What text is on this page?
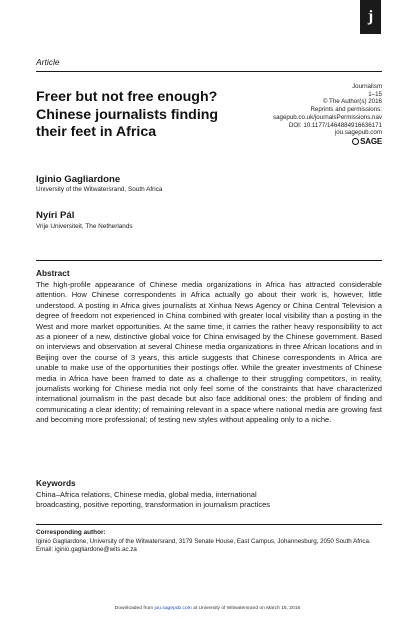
j
Article
Freer but not free enough? Chinese journalists finding their feet in Africa
Journalism
1–15
© The Author(s) 2016
Reprints and permissions:
sagepub.co.uk/journalsPermissions.nav
DOI: 10.1177/1464884916636171
jou.sagepub.com
SAGE
Iginio Gagliardone
University of the Witwatersrand, South Africa
Nyíri Pál
Vrije Universiteit, The Netherlands
Abstract

The high-profile appearance of Chinese media organizations in Africa has attracted considerable attention. How Chinese correspondents in Africa actually go about their work is, however, little understood. A posting in Africa gives journalists at Xinhua News Agency or China Central Television a degree of freedom not experienced in China combined with greater local visibility than a posting in the West and more market opportunities. At the same time, it carries the rather heavy responsibility to act as a pioneer of a new, distinctive global voice for China envisaged by the Chinese government. Based on interviews and observation at several Chinese media organizations in three African locations and in Beijing over the course of 3 years, this article suggests that Chinese correspondents in Africa are unable to make use of the opportunities their postings offer. While the greater investments of Chinese media in Africa have been framed to date as a challenge to their struggling competitors, in reality, journalists working for Chinese media not only feel some of the constraints that have characterized international journalism in the past decade but also face additional ones: the problem of finding and communicating a clear identity; of remaining relevant in a space where national media are growing fast and becoming more professional; of testing new styles without appealing only to a niche.

Keywords

China–Africa relations, Chinese media, global media, international broadcasting, positive reporting, transformation in journalism practices

Corresponding author:

Iginio Gagliardone, University of the Witwatersrand, 3179 Senate House, East Campus, Johannesburg, 2050 South Africa.
Email: iginio.gagliardone@wits.ac.za

Downloaded from jou.sagepub.com at University of Witwatersrand on March 15, 2016
